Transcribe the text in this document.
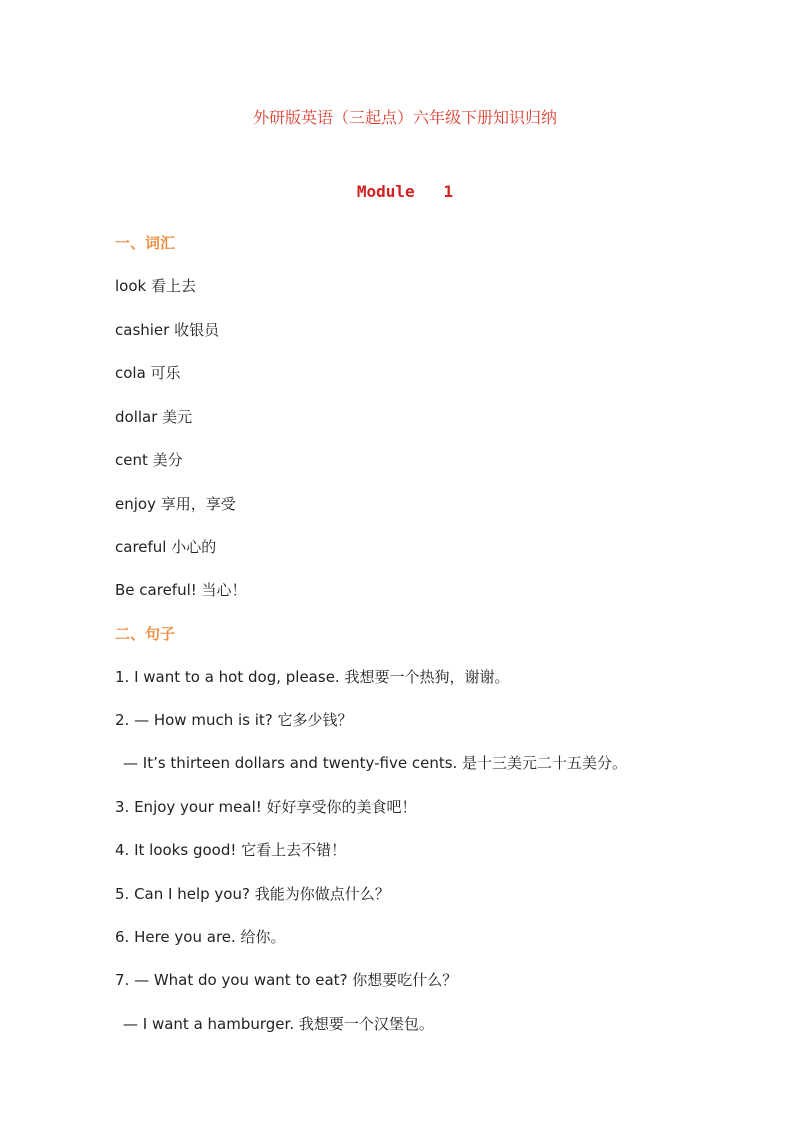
外研版英语（三起点）六年级下册知识归纳
Module   1
一、词汇
look 看上去
cashier 收银员
cola 可乐
dollar 美元
cent 美分
enjoy 享用，享受
careful 小心的
Be careful! 当心！
二、句子
1. I want to a hot dog, please. 我想要一个热狗，谢谢。
2. — How much is it? 它多少钱？
— It’s thirteen dollars and twenty-five cents. 是十三美元二十五美分。
3. Enjoy your meal! 好好享受你的美食吧！
4. It looks good! 它看上去不错！
5. Can I help you? 我能为你做点什么？
6. Here you are. 给你。
7. — What do you want to eat? 你想要吃什么？
— I want a hamburger. 我想要一个汉堡包。
